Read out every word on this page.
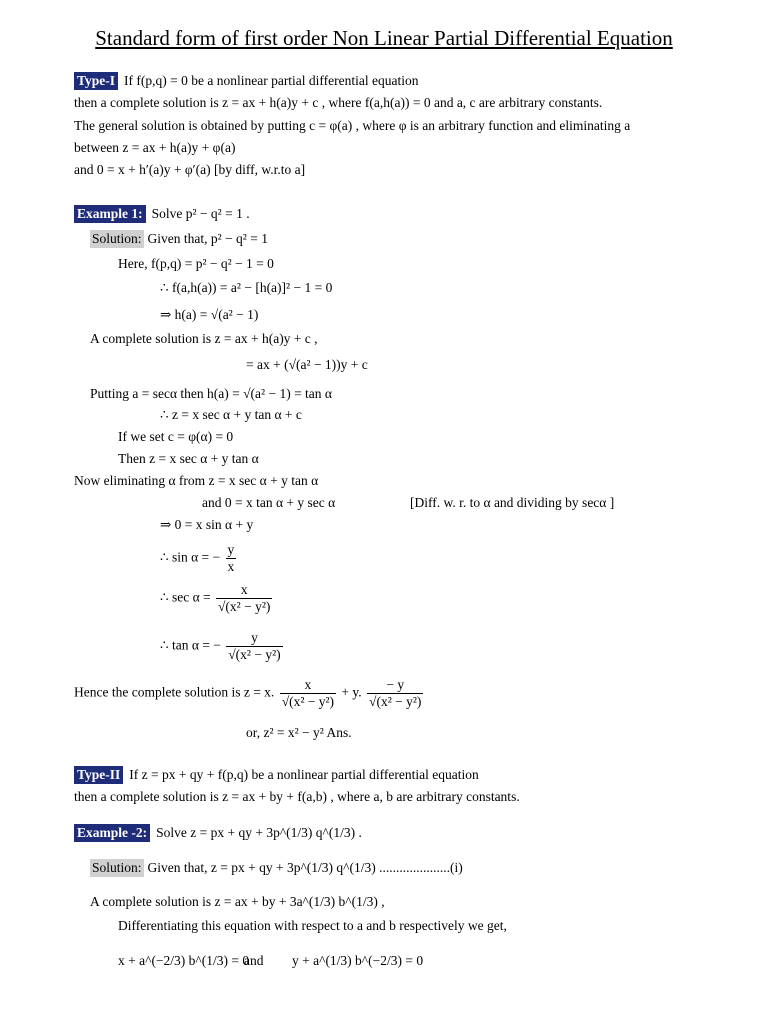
Standard form of first order Non Linear Partial Differential Equation
Type-I If f(p,q) = 0 be a nonlinear partial differential equation
then a complete solution is z = ax + h(a)y + c , where f(a,h(a)) = 0 and a, c are arbitrary constants.
The general solution is obtained by putting c = φ(a) , where φ is an arbitrary function and eliminating a
between z = ax + h(a)y + φ(a)
and 0 = x + h′(a)y + φ′(a) [by diff, w.r.to a]
Example 1: Solve p² − q² = 1 .
Solution: Given that, p² − q² = 1
Here, f(p,q) = p² − q² − 1 = 0
∴ f(a,h(a)) = a² − [h(a)]² − 1 = 0
⇒ h(a) = √(a² − 1)
A complete solution is z = ax + h(a)y + c ,
= ax + (√(a² − 1))y + c
Putting a = secα then h(a) = √(a² − 1) = tan α
∴ z = x sec α + y tan α + c
If we set c = φ(α) = 0
Then z = x sec α + y tan α
Now eliminating α from z = x sec α + y tan α
and 0 = x tan α + y sec α	[Diff. w. r. to α and dividing by secα ]
⇒ 0 = x sin α + y
∴ sin α = − $\frac{y}{x}$
∴ $\sec \alpha = \frac{x}{\text{√(x² − y²)}}$
∴ tan α = − $\frac{y}{\text{√(x² − y²)}}$
Hence the complete solution is z = x. $\frac{x}{\text{√(x² − y²)}} + y$. $\frac{- y}{\text{√(x² − y²)}}$
or, z² = x² − y² Ans.
Type-II If z = px + qy + f(p,q) be a nonlinear partial differential equation
then a complete solution is z = ax + by + f(a,b) , where a, b are arbitrary constants.
Example -2: Solve z = px + qy + 3p^(1/3) q^(1/3) .
Solution: Given that, z = px + qy + 3p^(1/3) q^(1/3) .....................(i)
A complete solution is z = ax + by + 3a^(1/3) b^(1/3) ,
Differentiating this equation with respect to a and b respectively we get,
x + a^(−2/3) b^(1/3) = 0
and y + a^(1/3) b^(−2/3) = 0
